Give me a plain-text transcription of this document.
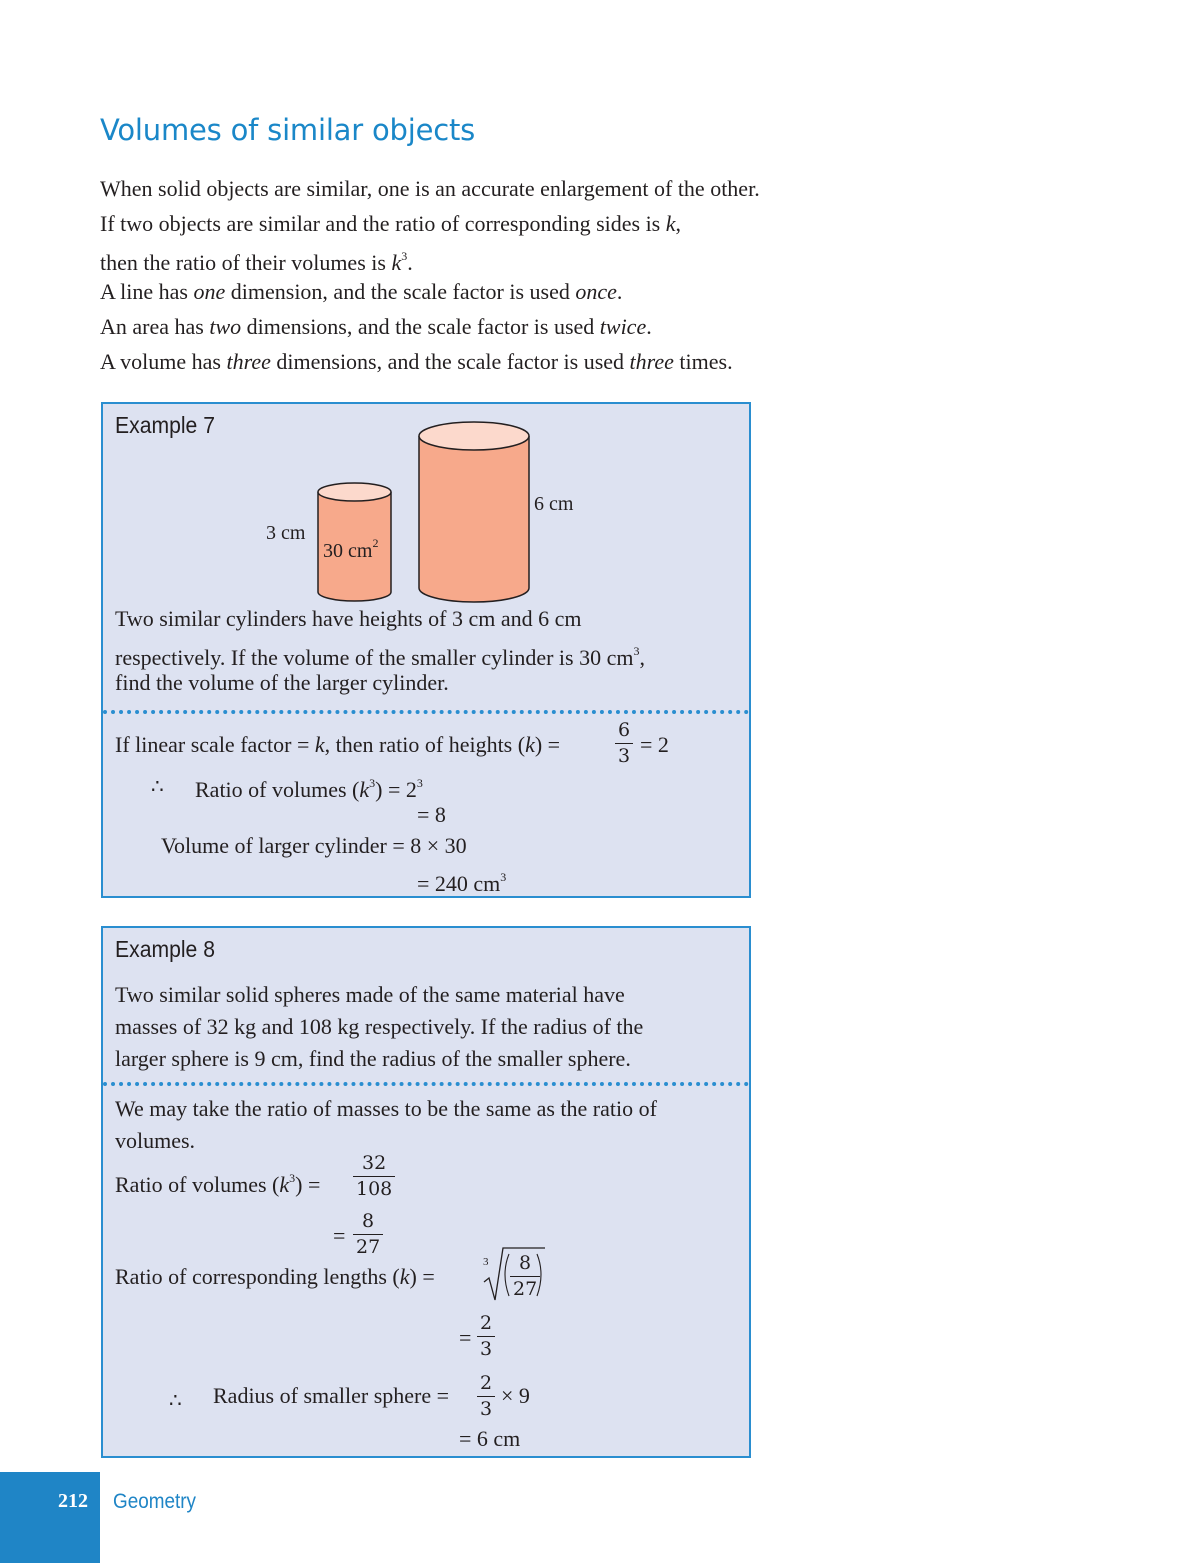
Volumes of similar objects

When solid objects are similar, one is an accurate enlargement of the other.

If two objects are similar and the ratio of corresponding sides is k,

then the ratio of their volumes is $k^3$.

A line has one dimension, and the scale factor is used once.

An area has two dimensions, and the scale factor is used twice.

A volume has three dimensions, and the scale factor is used three times.

Example 7
3 cm
30 $cm^2$
6 cm
Two similar cylinders have heights of 3 cm and 6 cm
respectively. If the volume of the smaller cylinder is 30 $cm^3$,
find the volume of the larger cylinder.
If linear scale factor = k, then ratio of heights (k) =	$\frac{6}{3} = 2$
∴ Ratio of volumes $(k^3) = 2^3$
= 8
Volume of larger cylinder = 8 × 30
= 240 $cm^3$
Example 8
Two similar solid spheres made of the same material have
masses of 32 kg and 108 kg respectively. If the radius of the
larger sphere is 9 cm, find the radius of the smaller sphere.
We may take the ratio of masses to be the same as the ratio of
volumes.
Ratio of volumes $(k^3) = \frac{32}{108}$
= $\frac{8}{27}$
Ratio of corresponding lengths (k) =
$3 \frac{8}{27}$
= $\frac{2}{3}$
∴ Radius of smaller sphere = $\frac{2}{3} \times 9$
= 6 cm
212 Geometry
